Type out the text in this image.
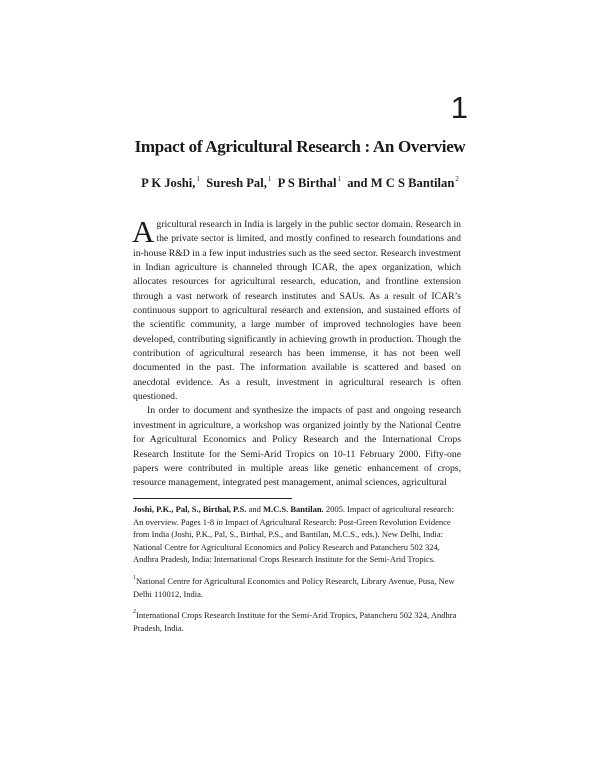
1
Impact of Agricultural Research : An Overview
P K Joshi,$^1$ Suresh Pal,$^1$ P S Birthal$^1$ and M C S Bantilan$^2$

Agricultural research in India is largely in the public sector domain. Research in the private sector is limited, and mostly confined to research foundations and in-house R&D in a few input industries such as the seed sector. Research investment in Indian agriculture is channeled through ICAR, the apex organization, which allocates resources for agricultural research, education, and frontline extension through a vast network of research institutes and SAUs. As a result of ICAR’s continuous support to agricultural research and extension, and sustained efforts of the scientific community, a large number of improved technologies have been developed, contributing significantly in achieving growth in production. Though the contribution of agricultural research has been immense, it has not been well documented in the past. The information available is scattered and based on anecdotal evidence. As a result, investment in agricultural research is often questioned.

In order to document and synthesize the impacts of past and ongoing research investment in agriculture, a workshop was organized jointly by the National Centre for Agricultural Economics and Policy Research and the International Crops Research Institute for the Semi-Arid Tropics on 10-11 February 2000. Fifty-one papers were contributed in multiple areas like genetic enhancement of crops, resource management, integrated pest management, animal sciences, agricultural

Joshi, P.K., Pal, S., Birthal, P.S. and M.C.S. Bantilan. 2005. Impact of agricultural research: An overview. Pages 1-8 in Impact of Agricultural Research: Post-Green Revolution Evidence from India (Joshi, P.K., Pal, S., Birthal, P.S., and Bantilan, M.C.S., eds.). New Delhi, India: National Centre for Agricultural Economics and Policy Research and Patancheru 502 324, Andhra Pradesh, India: International Crops Research Institute for the Semi-Arid Tropics.

$^1$National Centre for Agricultural Economics and Policy Research, Library Avenue, Pusa, New Delhi 110012, India.

$^2$International Crops Research Institute for the Semi-Arid Tropics, Patancheru 502 324, Andhra Pradesh, India.
